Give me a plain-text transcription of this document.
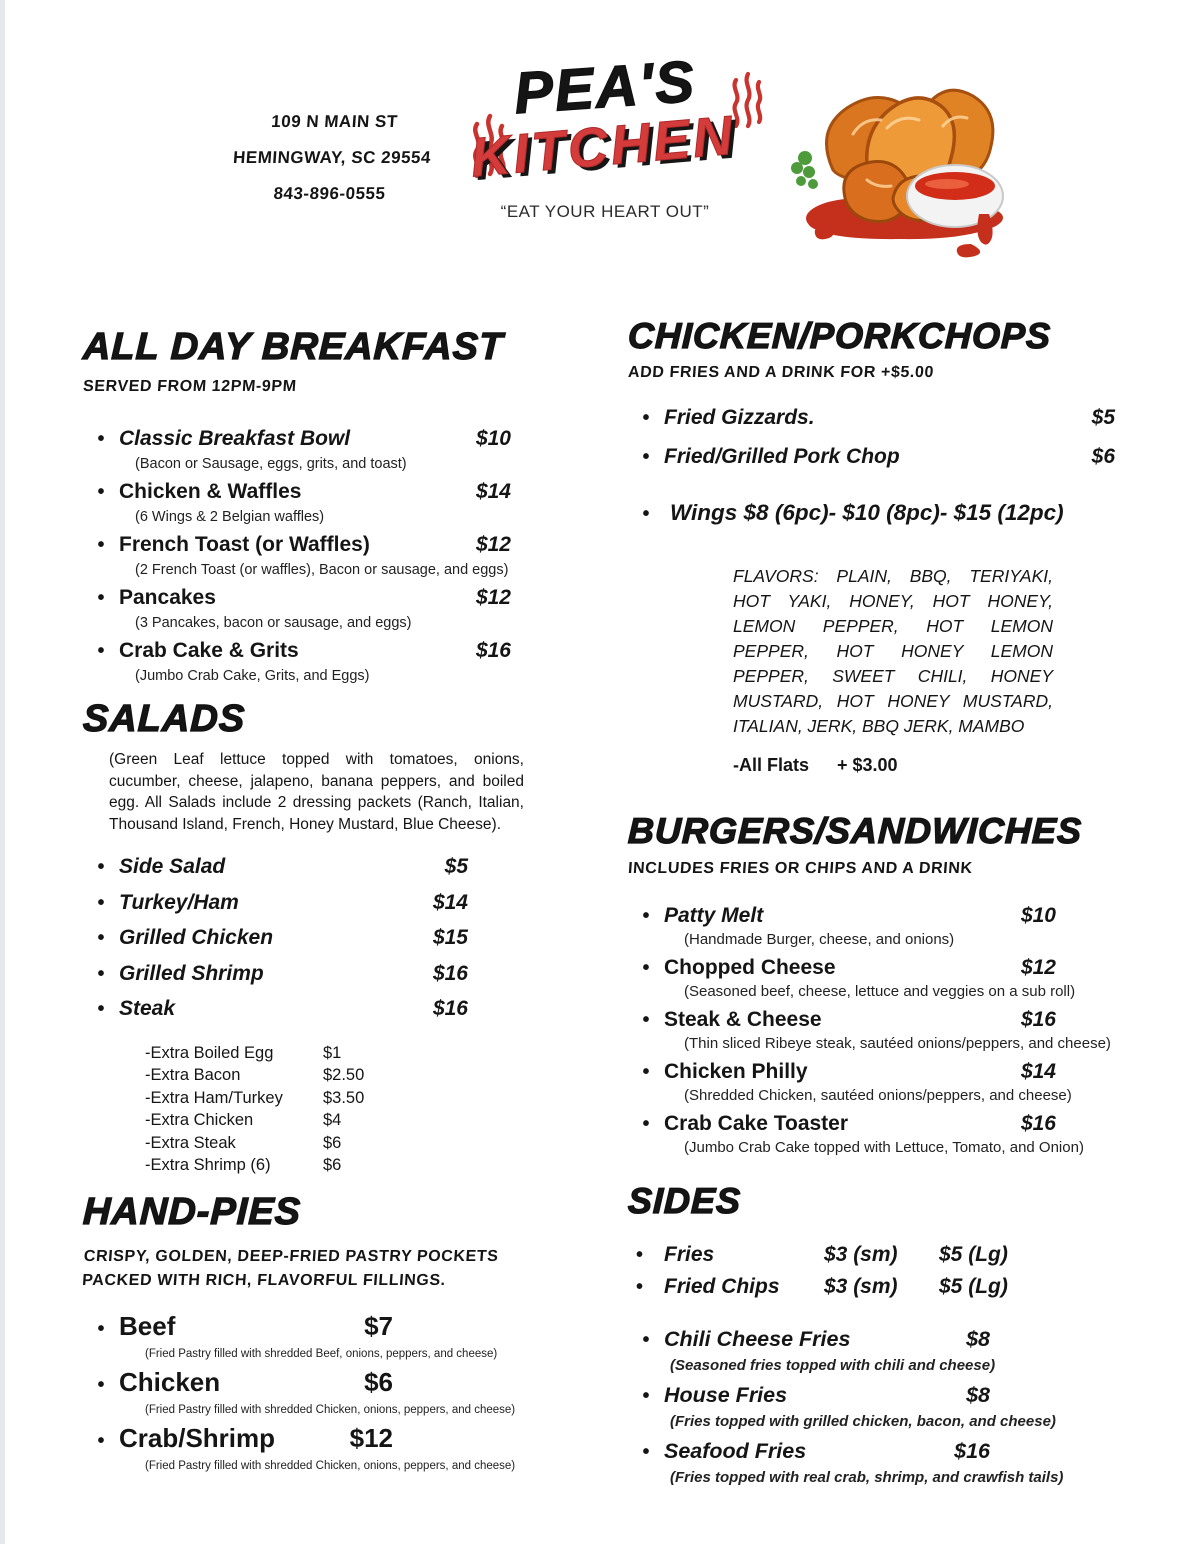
109 N MAIN ST
HEMINGWAY, SC 29554
843-896-0555
PEA'S
KITCHEN
“EAT YOUR HEART OUT”
ALL DAY BREAKFAST
SERVED FROM 12PM-9PM
•
Classic Breakfast Bowl	$10
(Bacon or Sausage, eggs, grits, and toast)
•
Chicken & Waffles	$14
(6 Wings & 2 Belgian waffles)
•
French Toast (or Waffles)	$12
(2 French Toast (or waffles), Bacon or sausage, and eggs)
•
Pancakes	$12
(3 Pancakes, bacon or sausage, and eggs)
•
Crab Cake & Grits	$16
(Jumbo Crab Cake, Grits, and Eggs)
SALADS

(Green Leaf lettuce topped with tomatoes, onions, cucumber, cheese, jalapeno, banana peppers, and boiled egg. All Salads include 2 dressing packets (Ranch, Italian, Thousand Island, French, Honey Mustard, Blue Cheese).

•
Side Salad	$5
•
Turkey/Ham	$14
•
Grilled Chicken	$15
•
Grilled Shrimp	$16
•
Steak	$16
-Extra Boiled Egg	$1
-Extra Bacon	$2.50
-Extra Ham/Turkey	$3.50
-Extra Chicken	$4
-Extra Steak	$6
-Extra Shrimp (6)	$6
HAND-PIES
CRISPY, GOLDEN, DEEP-FRIED PASTRY POCKETS PACKED WITH RICH, FLAVORFUL FILLINGS.
•
Beef	$7
(Fried Pastry filled with shredded Beef, onions, peppers, and cheese)
•
Chicken	$6
(Fried Pastry filled with shredded Chicken, onions, peppers, and cheese)
•
Crab/Shrimp	$12
(Fried Pastry filled with shredded Chicken, onions, peppers, and cheese)
CHICKEN/PORKCHOPS
ADD FRIES AND A DRINK FOR +$5.00
•
Fried Gizzards.	$5
•
Fried/Grilled Pork Chop	$6
•
Wings $8 (6pc)- $10 (8pc)- $15 (12pc)

FLAVORS: PLAIN, BBQ, TERIYAKI, HOT YAKI, HONEY, HOT HONEY, LEMON PEPPER, HOT LEMON PEPPER, HOT HONEY LEMON PEPPER, SWEET CHILI, HONEY MUSTARD, HOT HONEY MUSTARD, ITALIAN, JERK, BBQ JERK, MAMBO

-All Flats + $3.00
BURGERS/SANDWICHES
INCLUDES FRIES OR CHIPS AND A DRINK
•
Patty Melt	$10
(Handmade Burger, cheese, and onions)
•
Chopped Cheese	$12
(Seasoned beef, cheese, lettuce and veggies on a sub roll)
•
Steak & Cheese	$16
(Thin sliced Ribeye steak, sautéed onions/peppers, and cheese)
•
Chicken Philly	$14
(Shredded Chicken, sautéed onions/peppers, and cheese)
•
Crab Cake Toaster	$16
(Jumbo Crab Cake topped with Lettuce, Tomato, and Onion)
SIDES
•
Fries	$3 (sm)	$5 (Lg)
•
Fried Chips	$3 (sm)	$5 (Lg)
•
Chili Cheese Fries	$8
(Seasoned fries topped with chili and cheese)
•
House Fries	$8
(Fries topped with grilled chicken, bacon, and cheese)
•
Seafood Fries	$16
(Fries topped with real crab, shrimp, and crawfish tails)
